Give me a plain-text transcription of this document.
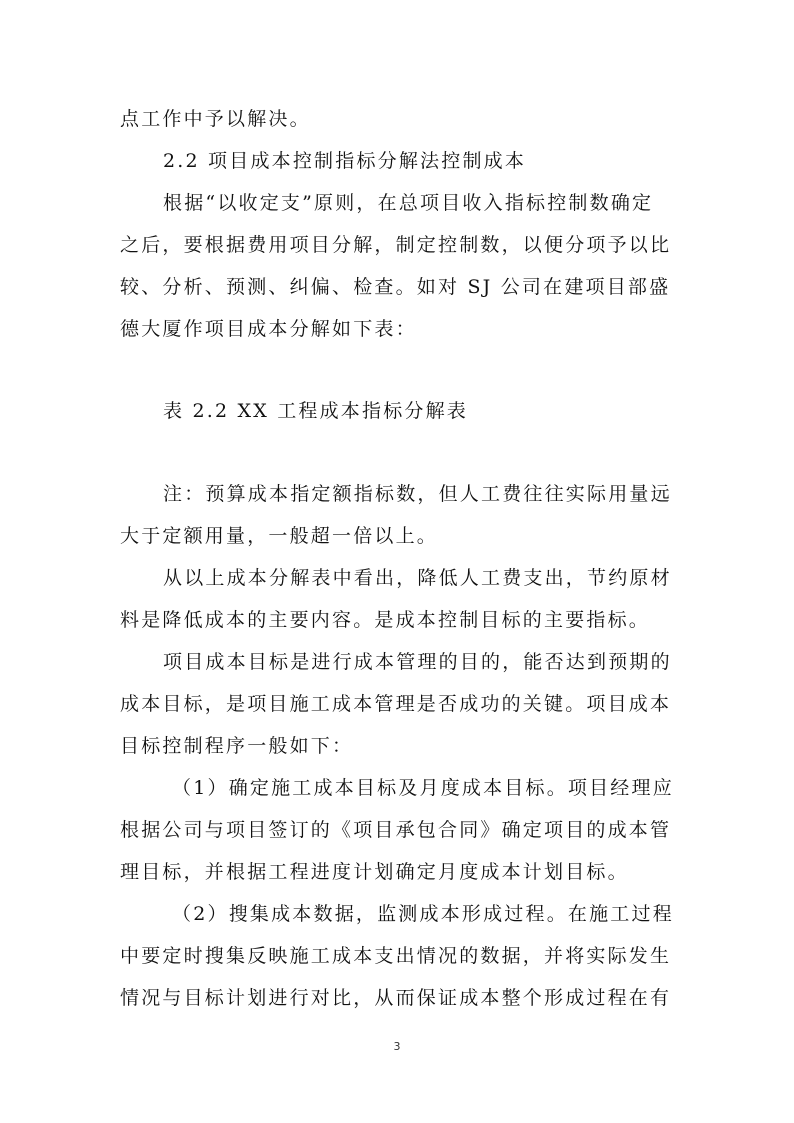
点工作中予以解决。
2.2 项目成本控制指标分解法控制成本
根据“以收定支”原则，在总项目收入指标控制数确定
之后，要根据费用项目分解，制定控制数，以便分项予以比
较、分析、预测、纠偏、检查。如对 SJ 公司在建项目部盛
德大厦作项目成本分解如下表：
表 2.2 XX 工程成本指标分解表
注：预算成本指定额指标数，但人工费往往实际用量远
大于定额用量，一般超一倍以上。
从以上成本分解表中看出，降低人工费支出，节约原材
料是降低成本的主要内容。是成本控制目标的主要指标。
项目成本目标是进行成本管理的目的，能否达到预期的
成本目标，是项目施工成本管理是否成功的关键。项目成本
目标控制程序一般如下：
（1）确定施工成本目标及月度成本目标。项目经理应
根据公司与项目签订的《项目承包合同》确定项目的成本管
理目标，并根据工程进度计划确定月度成本计划目标。
（2）搜集成本数据，监测成本形成过程。在施工过程
中要定时搜集反映施工成本支出情况的数据，并将实际发生
情况与目标计划进行对比，从而保证成本整个形成过程在有
3
